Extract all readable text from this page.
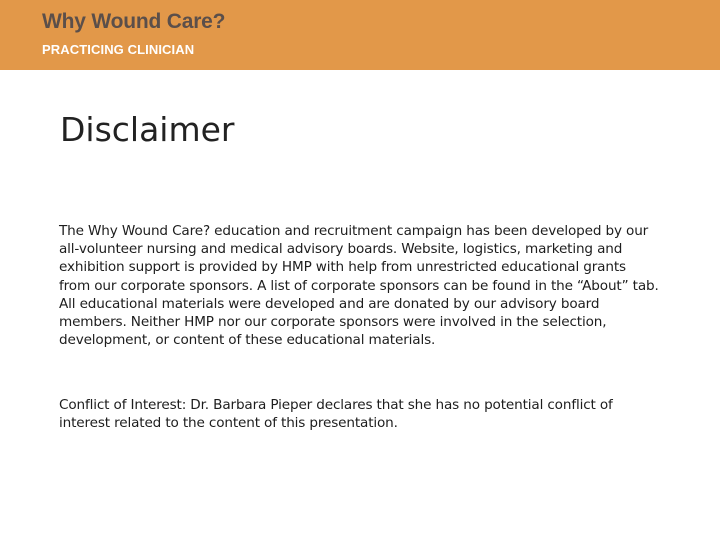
Why Wound Care?
PRACTICING CLINICIAN
Disclaimer

The Why Wound Care? education and recruitment campaign has been developed by our all-volunteer nursing and medical advisory boards. Website, logistics, marketing and exhibition support is provided by HMP with help from unrestricted educational grants from our corporate sponsors. A list of corporate sponsors can be found in the “About” tab. All educational materials were developed and are donated by our advisory board members. Neither HMP nor our corporate sponsors were involved in the selection, development, or content of these educational materials.

Conflict of Interest: Dr. Barbara Pieper declares that she has no potential conflict of interest related to the content of this presentation.
